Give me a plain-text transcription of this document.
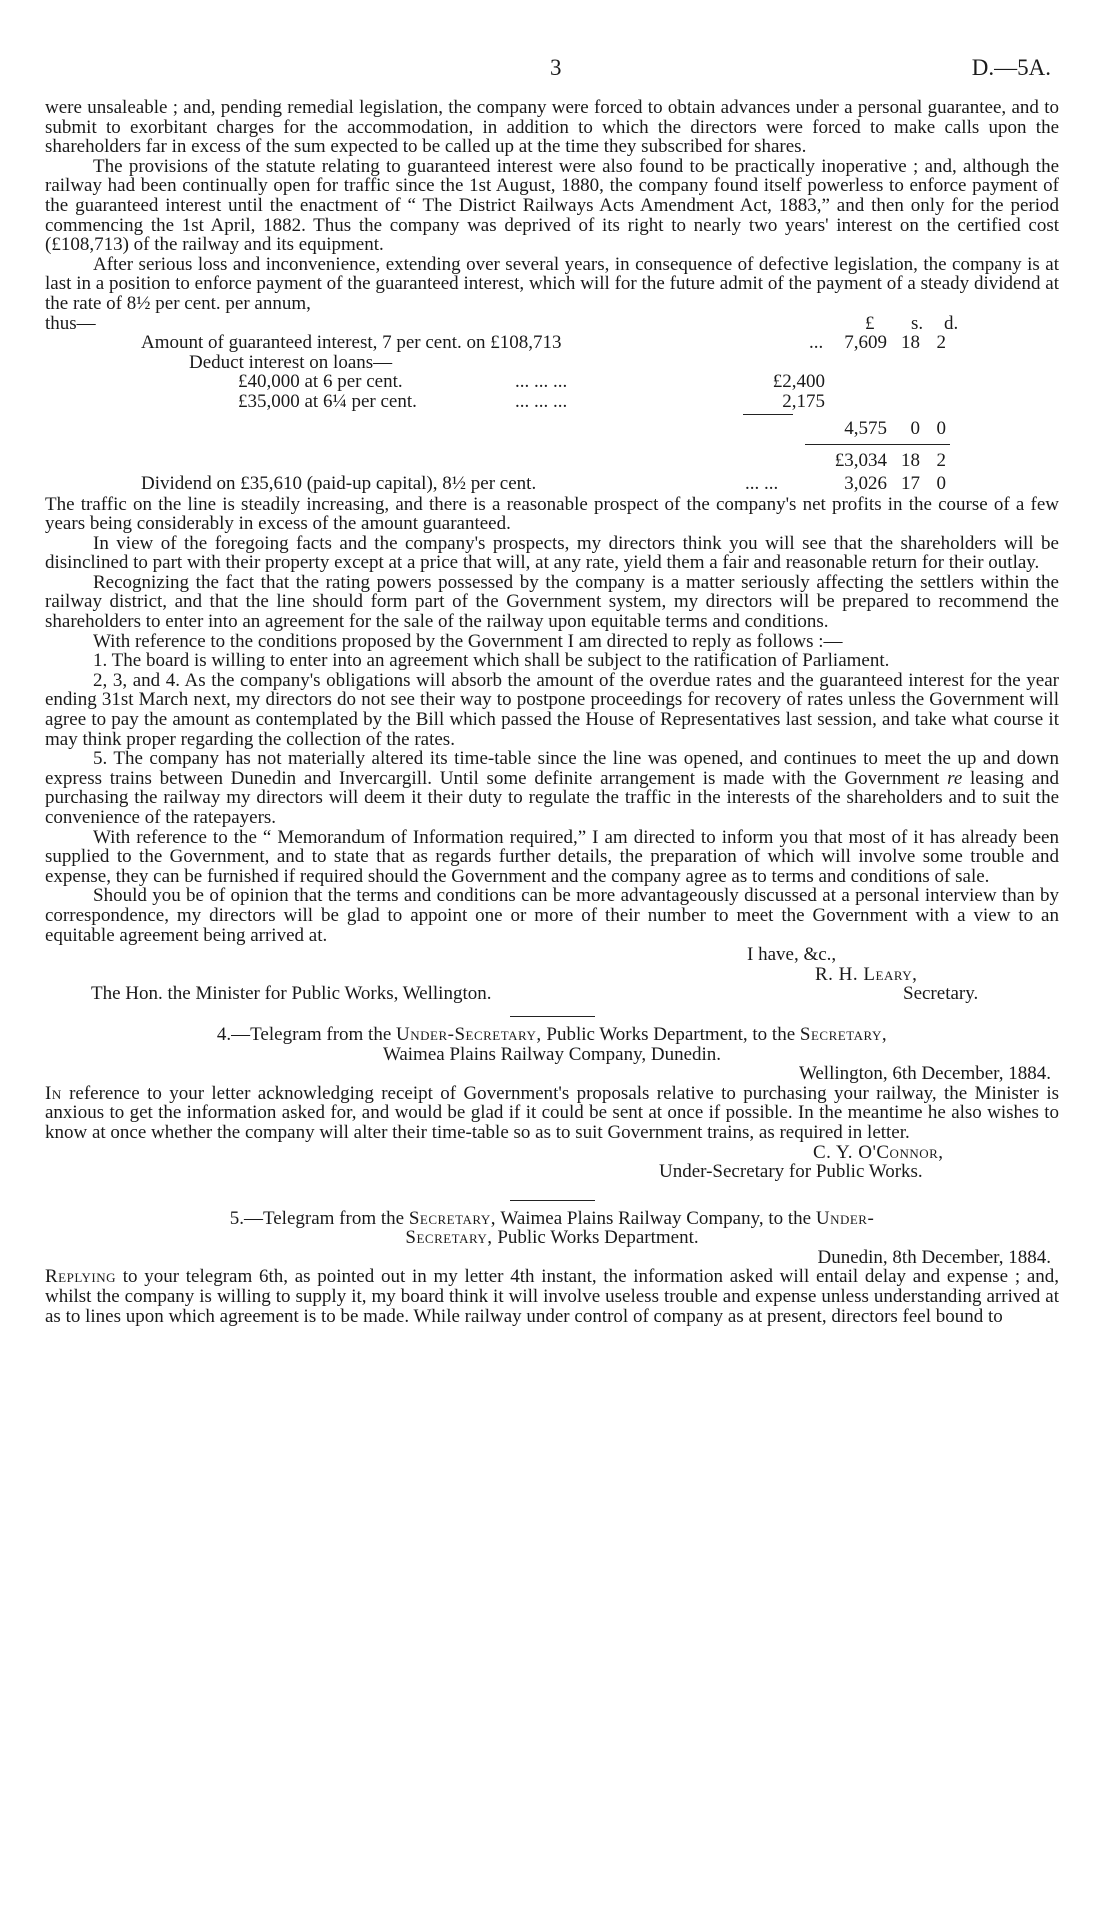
3	D.—5A.

were unsaleable ; and, pending remedial legislation, the company were forced to obtain advances under a personal guarantee, and to submit to exorbitant charges for the accommodation, in addition to which the directors were forced to make calls upon the shareholders far in excess of the sum expected to be called up at the time they subscribed for shares.

The provisions of the statute relating to guaranteed interest were also found to be practically inoperative ; and, although the railway had been continually open for traffic since the 1st August, 1880, the company found itself powerless to enforce payment of the guaranteed interest until the enactment of “ The District Railways Acts Amendment Act, 1883,” and then only for the period commencing the 1st April, 1882. Thus the company was deprived of its right to nearly two years' interest on the certified cost (£108,713) of the railway and its equipment.

After serious loss and inconvenience, extending over several years, in consequence of defective legislation, the company is at last in a position to enforce payment of the guaranteed interest, which will for the future admit of the payment of a steady dividend at the rate of 8½ per cent. per annum,

thus—	£ s. d.
Amount of guaranteed interest, 7 per cent. on £108,713	... 7,609 18 2
Deduct interest on loans—
£40,000 at 6 per cent.	... ... ...	£2,400
£35,000 at 6¼ per cent.	... ... ...	2,175
4,575 0 0
£3,034 18 2
Dividend on £35,610 (paid-up capital), 8½ per cent.	... ...	3,026 17 0

The traffic on the line is steadily increasing, and there is a reasonable prospect of the company's net profits in the course of a few years being considerably in excess of the amount guaranteed.

In view of the foregoing facts and the company's prospects, my directors think you will see that the shareholders will be disinclined to part with their property except at a price that will, at any rate, yield them a fair and reasonable return for their outlay.

Recognizing the fact that the rating powers possessed by the company is a matter seriously affecting the settlers within the railway district, and that the line should form part of the Government system, my directors will be prepared to recommend the shareholders to enter into an agreement for the sale of the railway upon equitable terms and conditions.

With reference to the conditions proposed by the Government I am directed to reply as follows :—

1. The board is willing to enter into an agreement which shall be subject to the ratification of Parliament.

2, 3, and 4. As the company's obligations will absorb the amount of the overdue rates and the guaranteed interest for the year ending 31st March next, my directors do not see their way to postpone proceedings for recovery of rates unless the Government will agree to pay the amount as contemplated by the Bill which passed the House of Representatives last session, and take what course it may think proper regarding the collection of the rates.

5. The company has not materially altered its time-table since the line was opened, and continues to meet the up and down express trains between Dunedin and Invercargill. Until some definite arrangement is made with the Government re leasing and purchasing the railway my directors will deem it their duty to regulate the traffic in the interests of the shareholders and to suit the convenience of the ratepayers.

With reference to the “ Memorandum of Information required,” I am directed to inform you that most of it has already been supplied to the Government, and to state that as regards further details, the preparation of which will involve some trouble and expense, they can be furnished if required should the Government and the company agree as to terms and conditions of sale.

Should you be of opinion that the terms and conditions can be more advantageously discussed at a personal interview than by correspondence, my directors will be glad to appoint one or more of their number to meet the Government with a view to an equitable agreement being arrived at.

I have, &c.,
R. H. Leary,
The Hon. the Minister for Public Works, Wellington.	Secretary.
4.—Telegram from the Under-Secretary, Public Works Department, to the Secretary,
Waimea Plains Railway Company, Dunedin.
Wellington, 6th December, 1884.

In reference to your letter acknowledging receipt of Government's proposals relative to purchasing your railway, the Minister is anxious to get the information asked for, and would be glad if it could be sent at once if possible. In the meantime he also wishes to know at once whether the company will alter their time-table so as to suit Government trains, as required in letter.

C. Y. O'Connor,
Under-Secretary for Public Works.
5.—Telegram from the Secretary, Waimea Plains Railway Company, to the Under-
Secretary, Public Works Department.
Dunedin, 8th December, 1884.

Replying to your telegram 6th, as pointed out in my letter 4th instant, the information asked will entail delay and expense ; and, whilst the company is willing to supply it, my board think it will involve useless trouble and expense unless understanding arrived at as to lines upon which agreement is to be made. While railway under control of company as at present, directors feel bound to
